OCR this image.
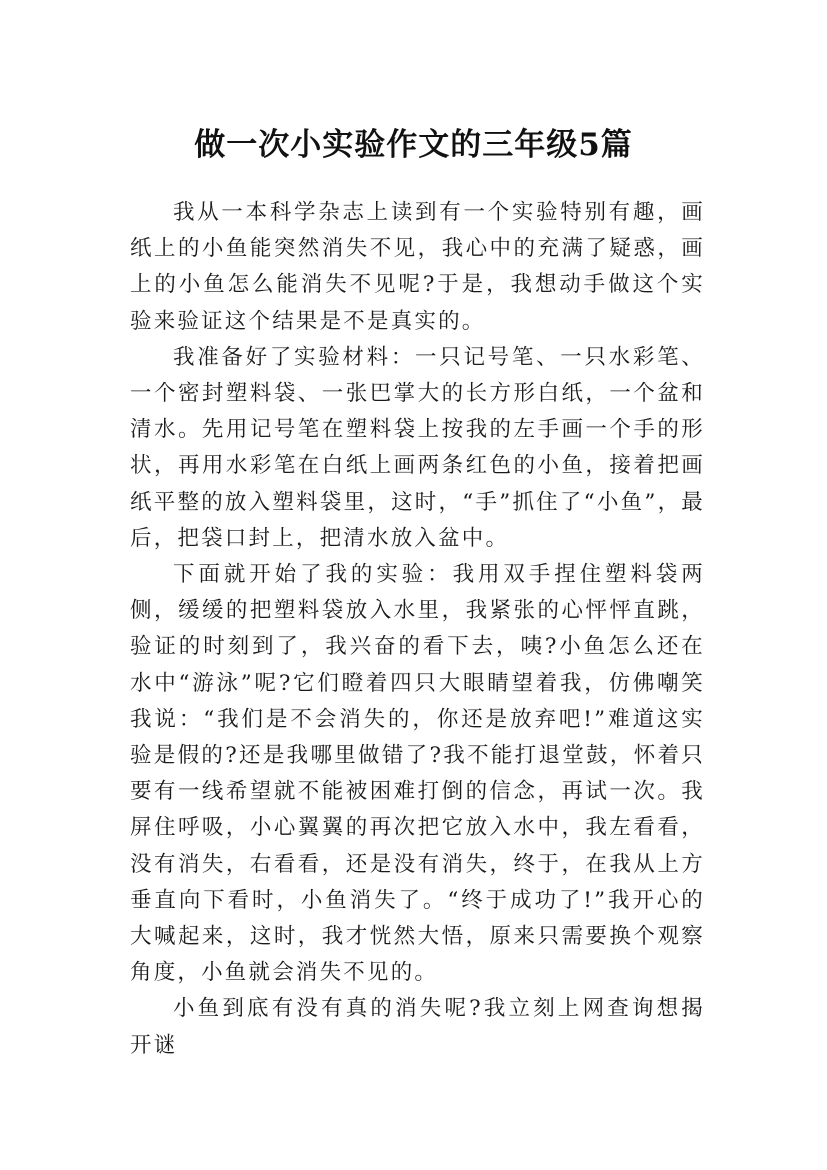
做一次小实验作文的三年级5篇

我从一本科学杂志上读到有一个实验特别有趣，画纸上的小鱼能突然消失不见，我心中的充满了疑惑，画上的小鱼怎么能消失不见呢?于是，我想动手做这个实验来验证这个结果是不是真实的。

我准备好了实验材料：一只记号笔、一只水彩笔、一个密封塑料袋、一张巴掌大的长方形白纸，一个盆和清水。先用记号笔在塑料袋上按我的左手画一个手的形状，再用水彩笔在白纸上画两条红色的小鱼，接着把画纸平整的放入塑料袋里，这时，“手”抓住了“小鱼”，最后，把袋口封上，把清水放入盆中。

下面就开始了我的实验：我用双手捏住塑料袋两侧，缓缓的把塑料袋放入水里，我紧张的心怦怦直跳，验证的时刻到了，我兴奋的看下去，咦?小鱼怎么还在水中“游泳”呢?它们瞪着四只大眼睛望着我，仿佛嘲笑我说：“我们是不会消失的，你还是放弃吧!”难道这实验是假的?还是我哪里做错了?我不能打退堂鼓，怀着只要有一线希望就不能被困难打倒的信念，再试一次。我屏住呼吸，小心翼翼的再次把它放入水中，我左看看，没有消失，右看看，还是没有消失，终于，在我从上方垂直向下看时，小鱼消失了。“终于成功了!”我开心的大喊起来，这时，我才恍然大悟，原来只需要换个观察角度，小鱼就会消失不见的。

小鱼到底有没有真的消失呢?我立刻上网查询想揭开谜
